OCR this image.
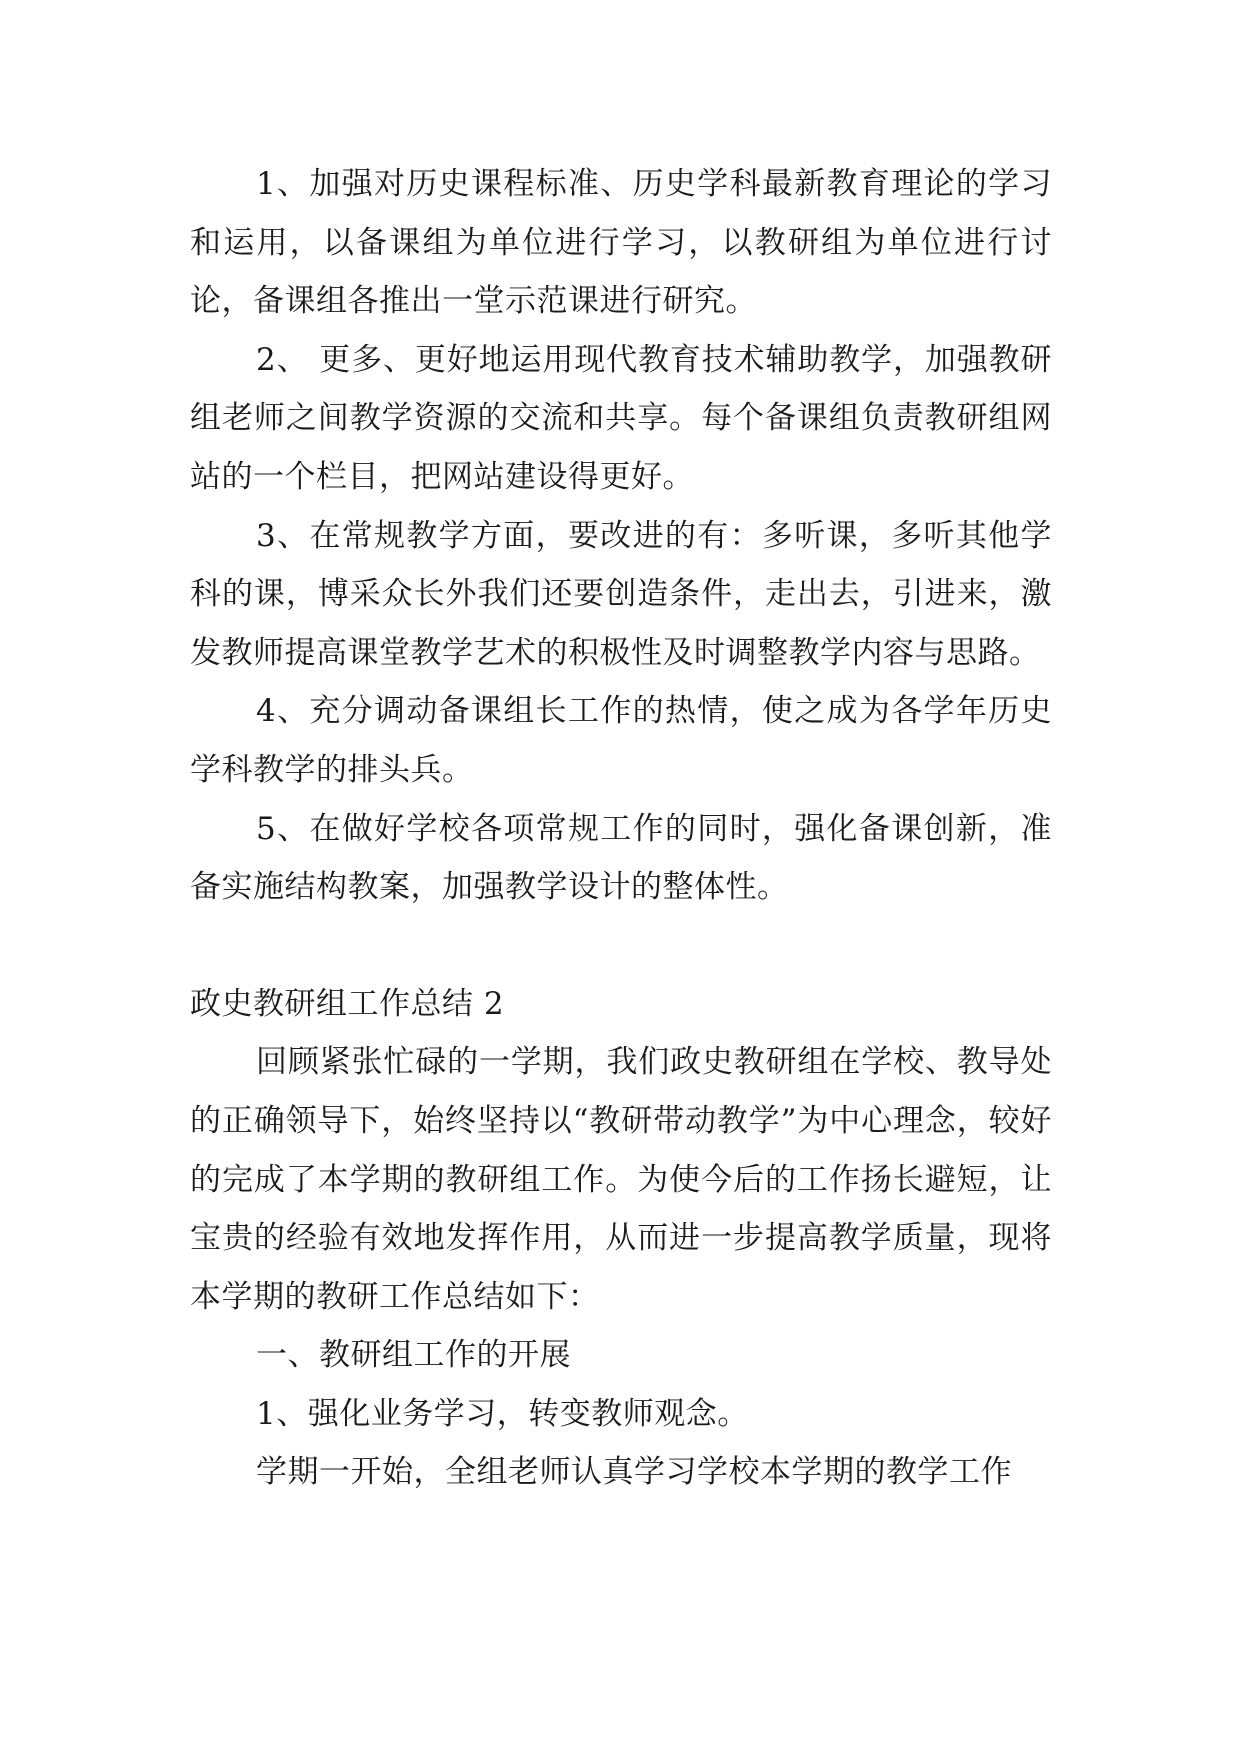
1、加强对历史课程标准、历史学科最新教育理论的学习和运用，以备课组为单位进行学习，以教研组为单位进行讨论，备课组各推出一堂示范课进行研究。

2、 更多、更好地运用现代教育技术辅助教学，加强教研组老师之间教学资源的交流和共享。每个备课组负责教研组网站的一个栏目，把网站建设得更好。

3、在常规教学方面，要改进的有：多听课，多听其他学科的课，博采众长外我们还要创造条件，走出去，引进来，激发教师提高课堂教学艺术的积极性及时调整教学内容与思路。

4、充分调动备课组长工作的热情，使之成为各学年历史学科教学的排头兵。

5、在做好学校各项常规工作的同时，强化备课创新，准备实施结构教案，加强教学设计的整体性。

政史教研组工作总结 2

回顾紧张忙碌的一学期，我们政史教研组在学校、教导处的正确领导下，始终坚持以“教研带动教学”为中心理念，较好的完成了本学期的教研组工作。为使今后的工作扬长避短，让宝贵的经验有效地发挥作用，从而进一步提高教学质量，现将本学期的教研工作总结如下：

一、教研组工作的开展

1、强化业务学习，转变教师观念。

学期一开始，全组老师认真学习学校本学期的教学工作
